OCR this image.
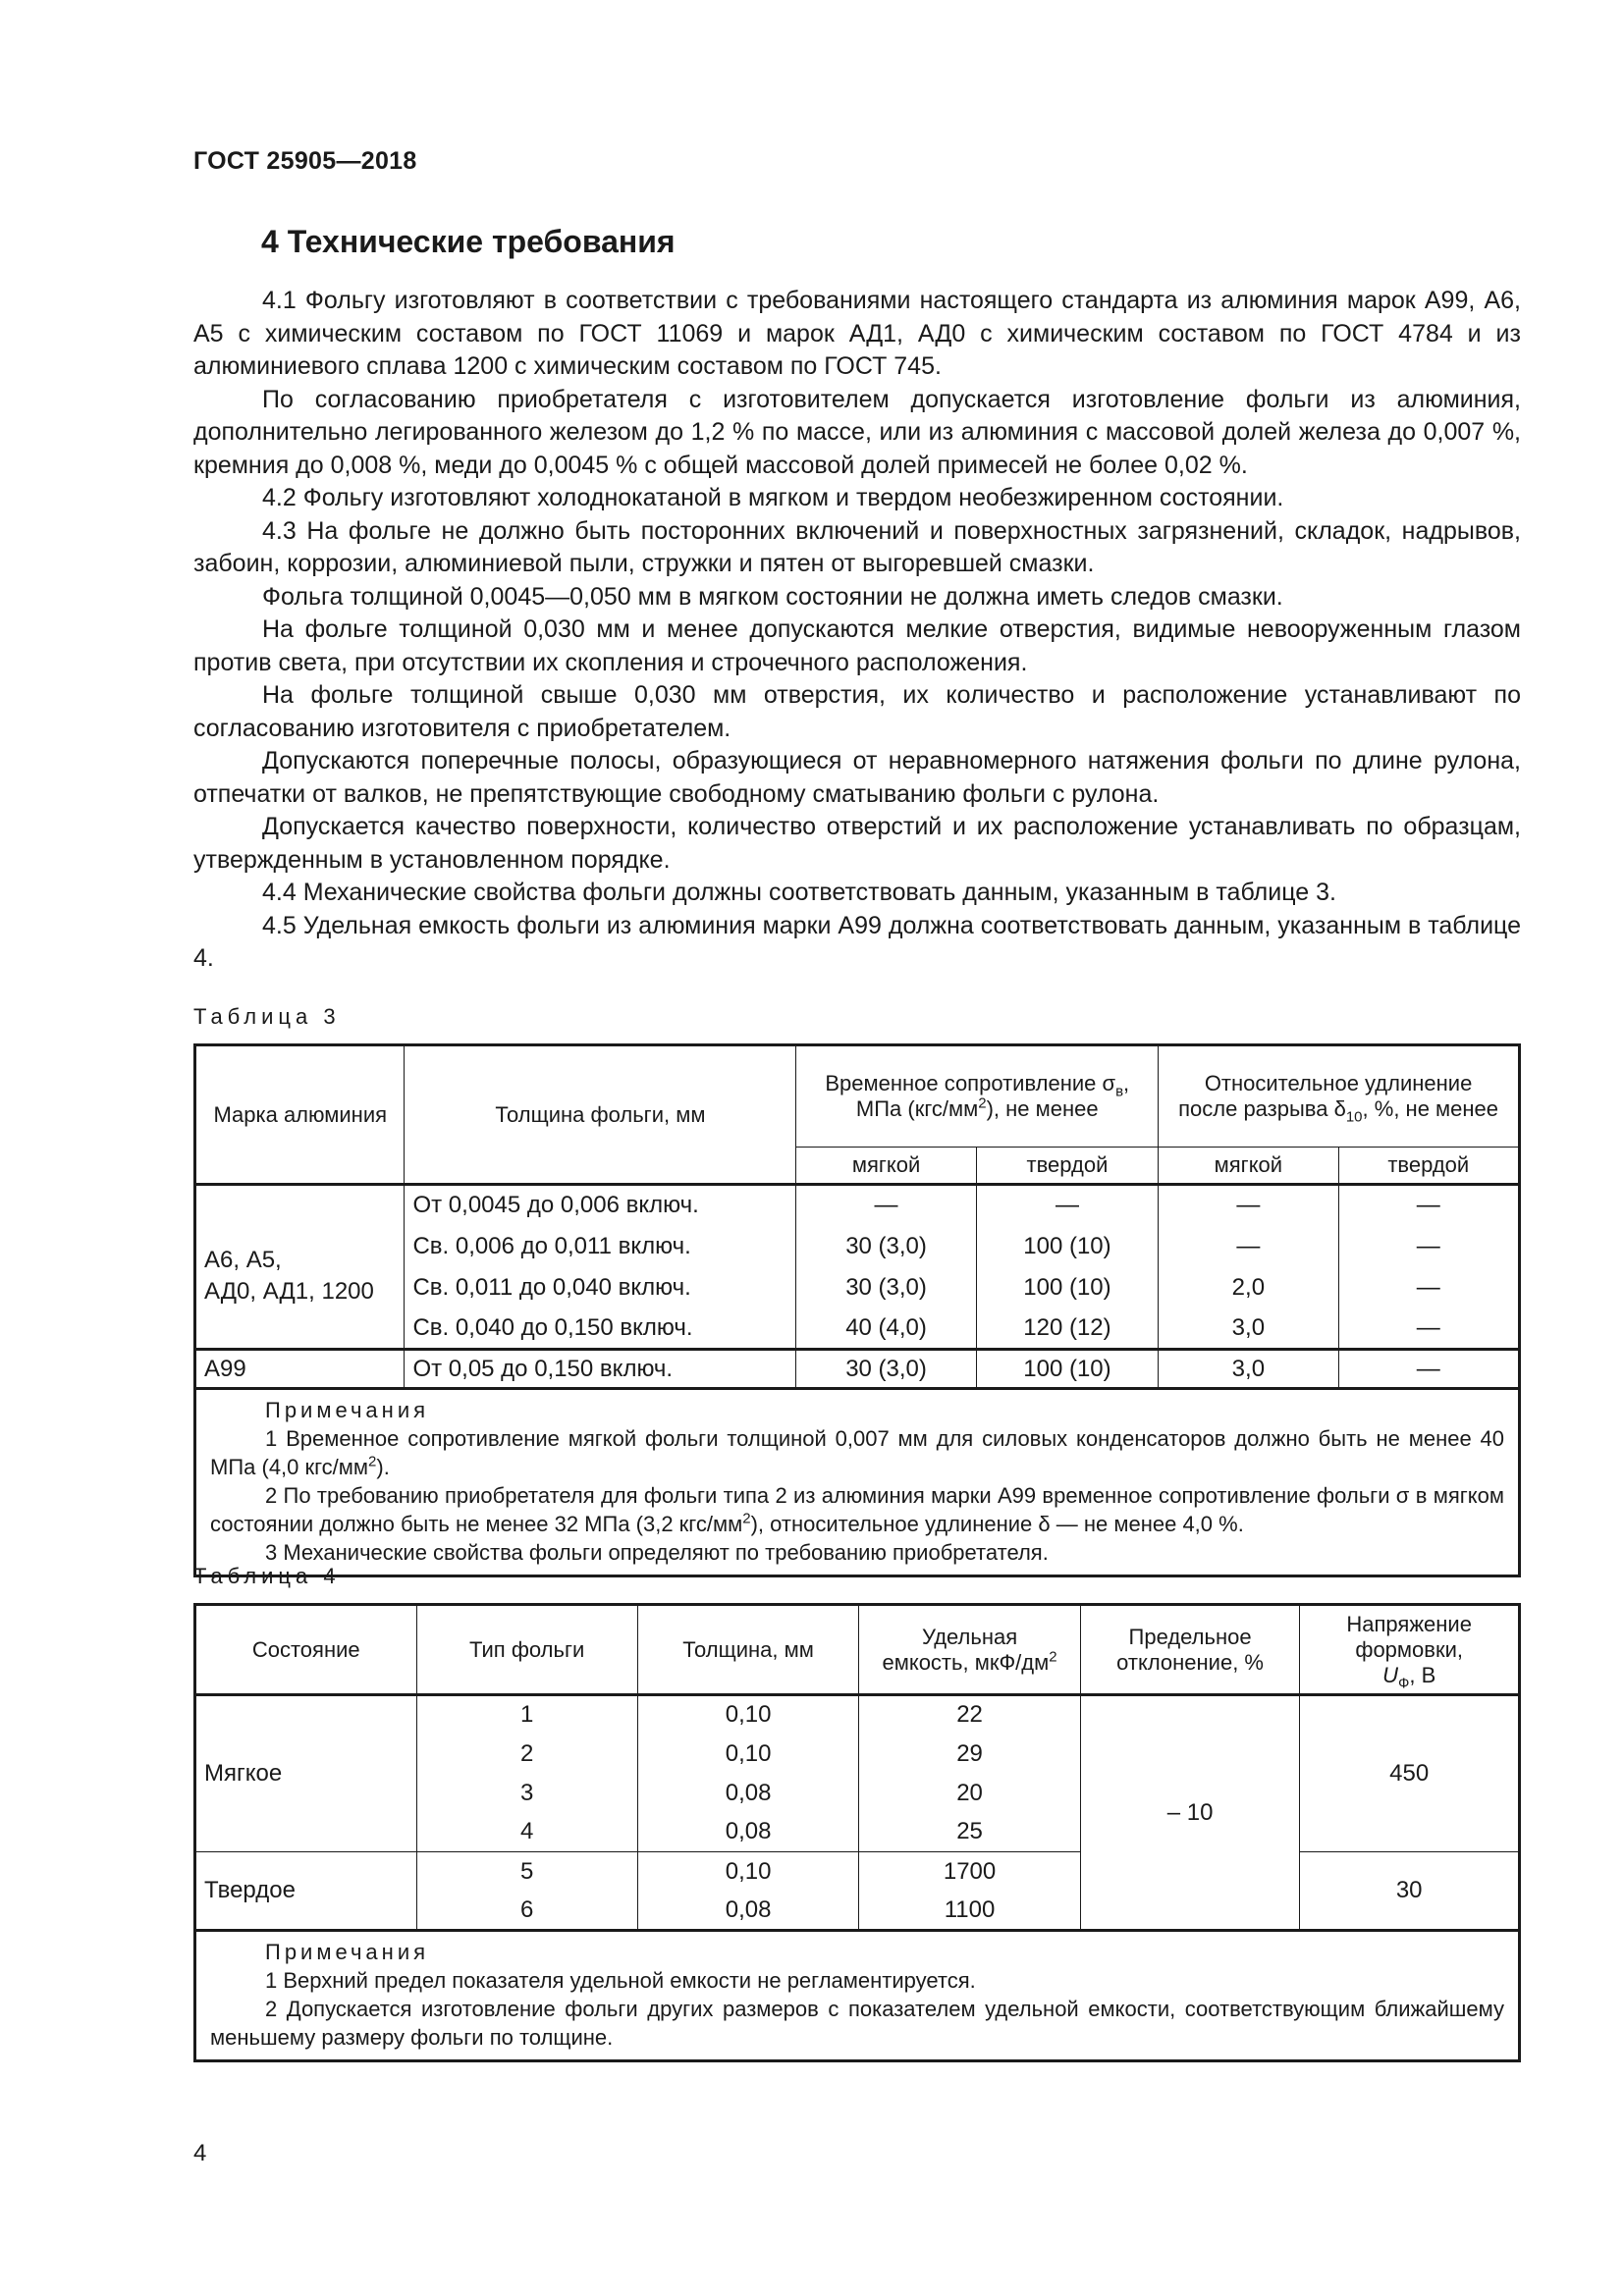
ГОСТ 25905—2018
4 Технические требования

4.1 Фольгу изготовляют в соответствии с требованиями настоящего стандарта из алюминия марок А99, А6, А5 с химическим составом по ГОСТ 11069 и марок АД1, АД0 с химическим составом по ГОСТ 4784 и из алюминиевого сплава 1200 с химическим составом по ГОСТ 745.

По согласованию приобретателя с изготовителем допускается изготовление фольги из алюминия, дополнительно легированного железом до 1,2 % по массе, или из алюминия с массовой долей железа до 0,007 %, кремния до 0,008 %, меди до 0,0045 % с общей массовой долей примесей не более 0,02 %.

4.2 Фольгу изготовляют холоднокатаной в мягком и твердом необезжиренном состоянии.

4.3 На фольге не должно быть посторонних включений и поверхностных загрязнений, складок, надрывов, забоин, коррозии, алюминиевой пыли, стружки и пятен от выгоревшей смазки.

Фольга толщиной 0,0045—0,050 мм в мягком состоянии не должна иметь следов смазки.

На фольге толщиной 0,030 мм и менее допускаются мелкие отверстия, видимые невооруженным глазом против света, при отсутствии их скопления и строчечного расположения.

На фольге толщиной свыше 0,030 мм отверстия, их количество и расположение устанавливают по согласованию изготовителя с приобретателем.

Допускаются поперечные полосы, образующиеся от неравномерного натяжения фольги по длине рулона, отпечатки от валков, не препятствующие свободному сматыванию фольги с рулона.

Допускается качество поверхности, количество отверстий и их расположение устанавливать по образцам, утвержденным в установленном порядке.

4.4 Механические свойства фольги должны соответствовать данным, указанным в таблице 3.

4.5 Удельная емкость фольги из алюминия марки А99 должна соответствовать данным, указанным в таблице 4.

Таблица 3
Марка алюминия	Толщина фольги, мм	Временное сопротивление $\sigma_в$,
МПа $(кгс/мм^2)$, не менее		Относительное удлинение
после разрыва $\delta_{10}$, %, не менее	
		мягкой	твердой	мягкой	твердой
А6, А5,
АД0, АД1, 1200	От 0,0045 до 0,006 включ.	—	—	—	—
	Св. 0,006 до 0,011 включ.	30 (3,0)	100 (10)	—	—
	Св. 0,011 до 0,040 включ.	30 (3,0)	100 (10)	2,0	—
	Св. 0,040 до 0,150 включ.	40 (4,0)	120 (12)	3,0	—
А99	От 0,05 до 0,150 включ.	30 (3,0)	100 (10)	3,0	—

Примечания

1 Временное сопротивление мягкой фольги толщиной 0,007 мм для силовых конденсаторов должно быть не менее 40 МПа (4,0 кгс/$мм^2$).

2 По требованию приобретателя для фольги типа 2 из алюминия марки А99 временное сопротивление фольги σ в мягком состоянии должно быть не менее 32 МПа (3,2 кгс/$мм^2$), относительное удлинение δ — не менее 4,0 %.

3 Механические свойства фольги определяют по требованию приобретателя.					

Таблица 4
Состояние	Тип фольги	Толщина, мм	Удельная
емкость, мкФ/$дм^2$	Предельное
отклонение, %	Напряжение
формовки,
$U_Ф$, В
Мягкое	1	0,10	22	– 10	450
	2	0,10	29		
	3	0,08	20		
	4	0,08	25		
Твердое	5	0,10	1700		30
	6	0,08	1100		

Примечания

1 Верхний предел показателя удельной емкости не регламентируется.

2 Допускается изготовление фольги других размеров с показателем удельной емкости, соответствующим ближайшему меньшему размеру фольги по толщине.					

4
